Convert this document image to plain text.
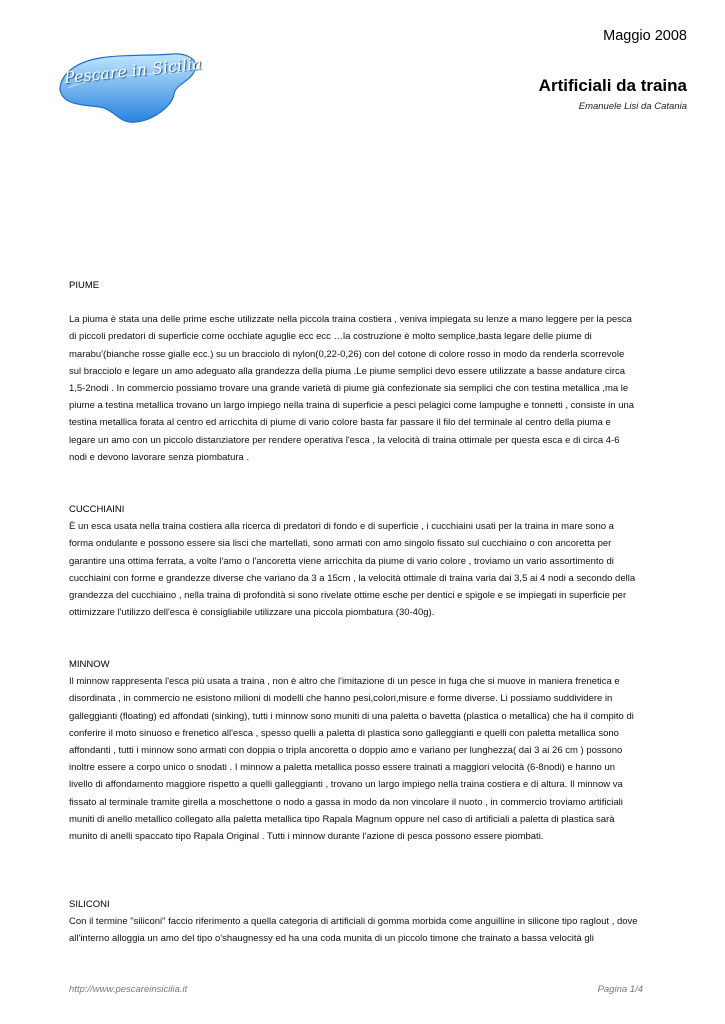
Maggio 2008
Pescare in Sicilia	Artificiali da traina
Emanuele Lisi da Catania

PIUME

La piuma è stata una delle prime esche utilizzate nella piccola traina costiera , veniva impiegata su lenze a mano leggere per la pesca

di piccoli predatori di superficie come occhiate aguglie ecc ecc …la costruzione è molto semplice,basta legare delle piume di

marabu'(bianche rosse gialle ecc.) su un bracciolo di nylon(0,22-0,26) con del cotone di colore rosso in modo da renderla scorrevole

sul bracciolo e legare un amo adeguato alla grandezza della piuma .Le piume semplici devo essere utilizzate a basse andature circa

1,5-2nodi . In commercio possiamo trovare una grande varietà di piume già confezionate sia semplici che con testina metallica ,ma le

piume a testina metallica trovano un largo impiego nella traina di superficie a pesci pelagici come lampughe e tonnetti , consiste in una

testina metallica forata al centro ed arricchita di piume di vario colore basta far passare il filo del terminale al centro della piuma e

legare un amo con un piccolo distanziatore per rendere operativa l'esca , la velocità di traina ottimale per questa esca e di circa 4-6

nodi e devono lavorare senza piombatura .

CUCCHIAINI

È un esca usata nella traina costiera alla ricerca di predatori di fondo e di superficie , i cucchiaini usati per la traina in mare sono a

forma ondulante e possono essere sia lisci che martellati, sono armati con amo singolo fissato sul cucchiaino o con ancoretta per

garantire una ottima ferrata, a volte l'amo o l'ancoretta viene arricchita da piume di vario colore , troviamo un vario assortimento di

cucchiaini con forme e grandezze diverse che variano da 3 a 15cm , la velocità ottimale di traina varia dai 3,5 ai 4 nodi a secondo della

grandezza del cucchiaino , nella traina di profondità si sono rivelate ottime esche per dentici e spigole e se impiegati in superficie per

ottimizzare l'utilizzo dell'esca è consigliabile utilizzare una piccola piombatura (30-40g).

MINNOW

Il minnow rappresenta l'esca più usata a traina , non è altro che l'imitazione di un pesce in fuga che si muove in maniera frenetica e

disordinata , in commercio ne esistono milioni di modelli che hanno pesi,colori,misure e forme diverse. Li possiamo suddividere in

galleggianti (floating) ed affondati (sinking), tutti i minnow sono muniti di una paletta o bavetta (plastica o metallica) che ha il compito di

conferire il moto sinuoso e frenetico all'esca , spesso quelli a paletta di plastica sono galleggianti e quelli con paletta metallica sono

affondanti , tutti i minnow sono armati con doppia o tripla ancoretta o doppio amo e variano per lunghezza( dai 3 ai 26 cm ) possono

inoltre essere a corpo unico o snodati . I minnow a paletta metallica posso essere trainati a maggiori velocità (6-8nodi) e hanno un

livello di affondamento maggiore rispetto a quelli galleggianti , trovano un largo impiego nella traina costiera e di altura. Il minnow va

fissato al terminale tramite girella a moschettone o nodo a gassa in modo da non vincolare il nuoto , in commercio troviamo artificiali

muniti di anello metallico collegato alla paletta metallica tipo Rapala Magnum oppure nel caso di artificiali a paletta di plastica sarà

munito di anelli spaccato tipo Rapala Original . Tutti i minnow durante l'azione di pesca possono essere piombati.

SILICONI

Con il termine "siliconi" faccio riferimento a quella categoria di artificiali di gomma morbida come anguilline in silicone tipo raglout , dove

all'interno alloggia un amo del tipo o'shaugnessy ed ha una coda munita di un piccolo timone che trainato a bassa velocità gli

http://www.pescareinsicilia.it	Pagina 1/4
